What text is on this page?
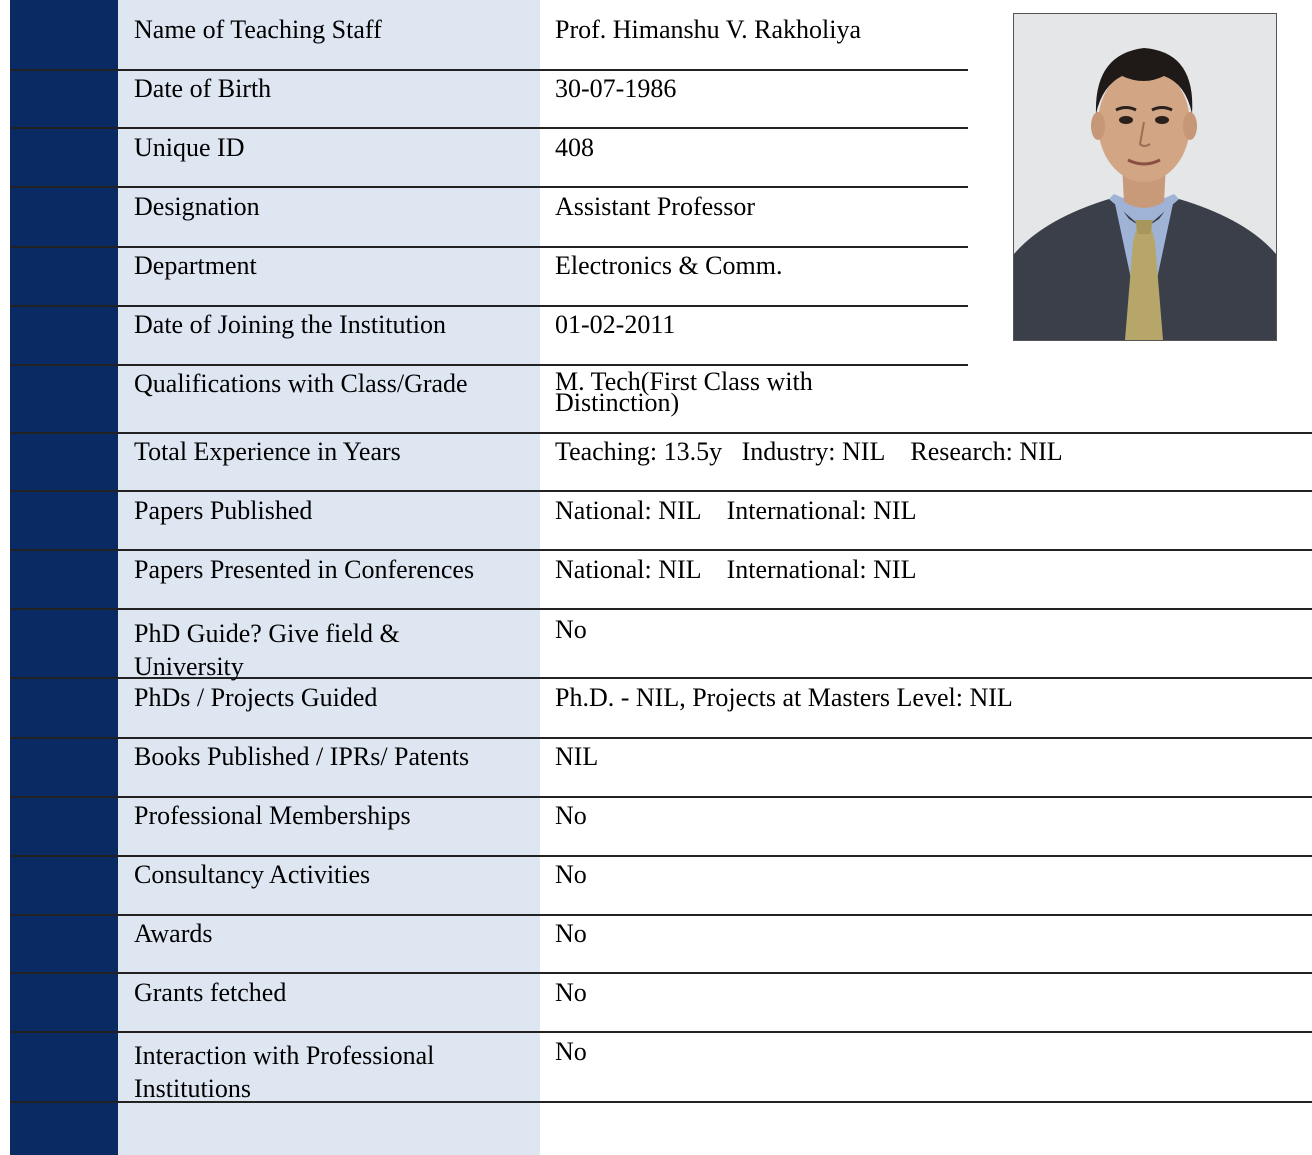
Name of Teaching Staff
Date of Birth
Unique ID
Designation
Department
Date of Joining the Institution
Qualifications with Class/Grade
Total Experience in Years
Papers Published
Papers Presented in Conferences
PhD Guide? Give field & University
PhDs / Projects Guided
Books Published / IPRs/ Patents
Professional Memberships
Consultancy Activities
Awards
Grants fetched
Interaction with Professional Institutions
Prof. Himanshu V. Rakholiya
30-07-1986
408
Assistant Professor
Electronics & Comm.
01-02-2011
M. Tech(First Class with Distinction)
Teaching: 13.5y   Industry: NIL    Research: NIL
National: NIL    International: NIL
National: NIL    International: NIL
No
Ph.D. - NIL, Projects at Masters Level: NIL
NIL
No
No
No
No
No
